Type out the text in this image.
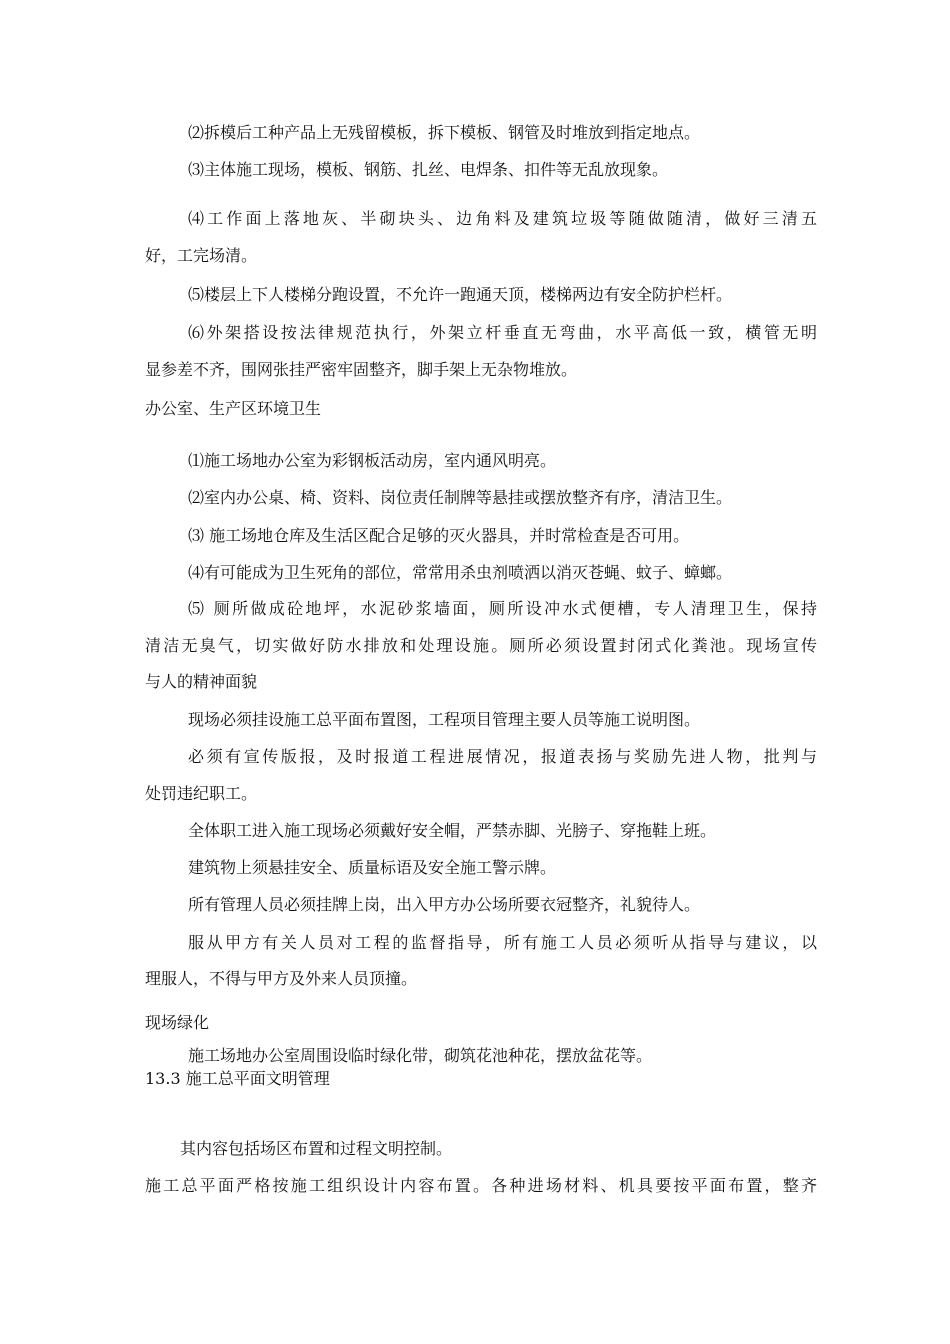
⑵拆模后工种产品上无残留模板，拆下模板、钢管及时堆放到指定地点。
⑶主体施工现场，模板、钢筋、扎丝、电焊条、扣件等无乱放现象。
⑷工作面上落地灰、半砌块头、边角料及建筑垃圾等随做随清，做好三清五
好，工完场清。
⑸楼层上下人楼梯分跑设置，不允许一跑通天顶，楼梯两边有安全防护栏杆。
⑹外架搭设按法律规范执行，外架立杆垂直无弯曲，水平高低一致，横管无明
显参差不齐，围网张挂严密牢固整齐，脚手架上无杂物堆放。
办公室、生产区环境卫生
⑴施工场地办公室为彩钢板活动房，室内通风明亮。
⑵室内办公桌、椅、资料、岗位责任制牌等悬挂或摆放整齐有序，清洁卫生。
⑶ 施工场地仓库及生活区配合足够的灭火器具，并时常检查是否可用。
⑷有可能成为卫生死角的部位，常常用杀虫剂喷洒以消灭苍蝇、蚊子、蟑螂。
⑸ 厕所做成砼地坪，水泥砂浆墙面，厕所设冲水式便槽，专人清理卫生，保持
清洁无臭气，切实做好防水排放和处理设施。厕所必须设置封闭式化粪池。现场宣传
与人的精神面貌
现场必须挂设施工总平面布置图，工程项目管理主要人员等施工说明图。
必须有宣传版报，及时报道工程进展情况，报道表扬与奖励先进人物，批判与
处罚违纪职工。
全体职工进入施工现场必须戴好安全帽，严禁赤脚、光膀子、穿拖鞋上班。
建筑物上须悬挂安全、质量标语及安全施工警示牌。
所有管理人员必须挂牌上岗，出入甲方办公场所要衣冠整齐，礼貌待人。
服从甲方有关人员对工程的监督指导，所有施工人员必须听从指导与建议，以
理服人，不得与甲方及外来人员顶撞。
现场绿化
施工场地办公室周围设临时绿化带，砌筑花池种花，摆放盆花等。
13.3 施工总平面文明管理
其内容包括场区布置和过程文明控制。
施工总平面严格按施工组织设计内容布置。各种进场材料、机具要按平面布置，整齐
